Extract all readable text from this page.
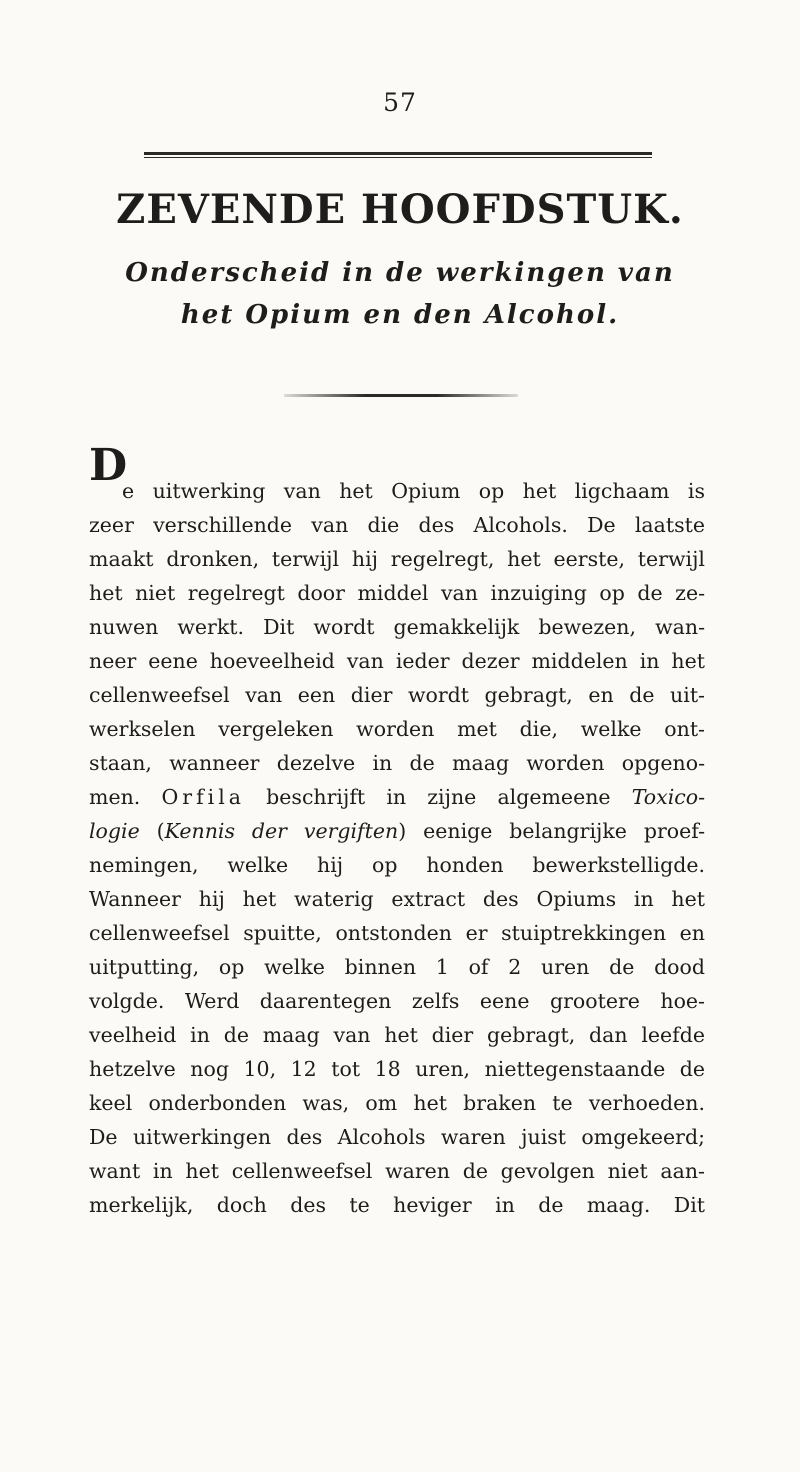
57
ZEVENDE HOOFDSTUK.
Onderscheid in de werkingen van
het Opium en den Alcohol.
D
e uitwerking van het Opium op het ligchaam is
zeer verschillende van die des Alcohols. De laatste
maakt dronken, terwijl hij regelregt, het eerste, terwijl
het niet regelregt door middel van inzuiging op de ze-
nuwen werkt. Dit wordt gemakkelijk bewezen, wan-
neer eene hoeveelheid van ieder dezer middelen in het
cellenweefsel van een dier wordt gebragt, en de uit-
werkselen vergeleken worden met die, welke ont-
staan, wanneer dezelve in de maag worden opgeno-
men. Orfila beschrijft in zijne algemeene Toxico-
logie (Kennis der vergiften) eenige belangrijke proef-
nemingen, welke hij op honden bewerkstelligde.
Wanneer hij het waterig extract des Opiums in het
cellenweefsel spuitte, ontstonden er stuiptrekkingen en
uitputting, op welke binnen 1 of 2 uren de dood
volgde. Werd daarentegen zelfs eene grootere hoe-
veelheid in de maag van het dier gebragt, dan leefde
hetzelve nog 10, 12 tot 18 uren, niettegenstaande de
keel onderbonden was, om het braken te verhoeden.
De uitwerkingen des Alcohols waren juist omgekeerd;
want in het cellenweefsel waren de gevolgen niet aan-
merkelijk, doch des te heviger in de maag. Dit
